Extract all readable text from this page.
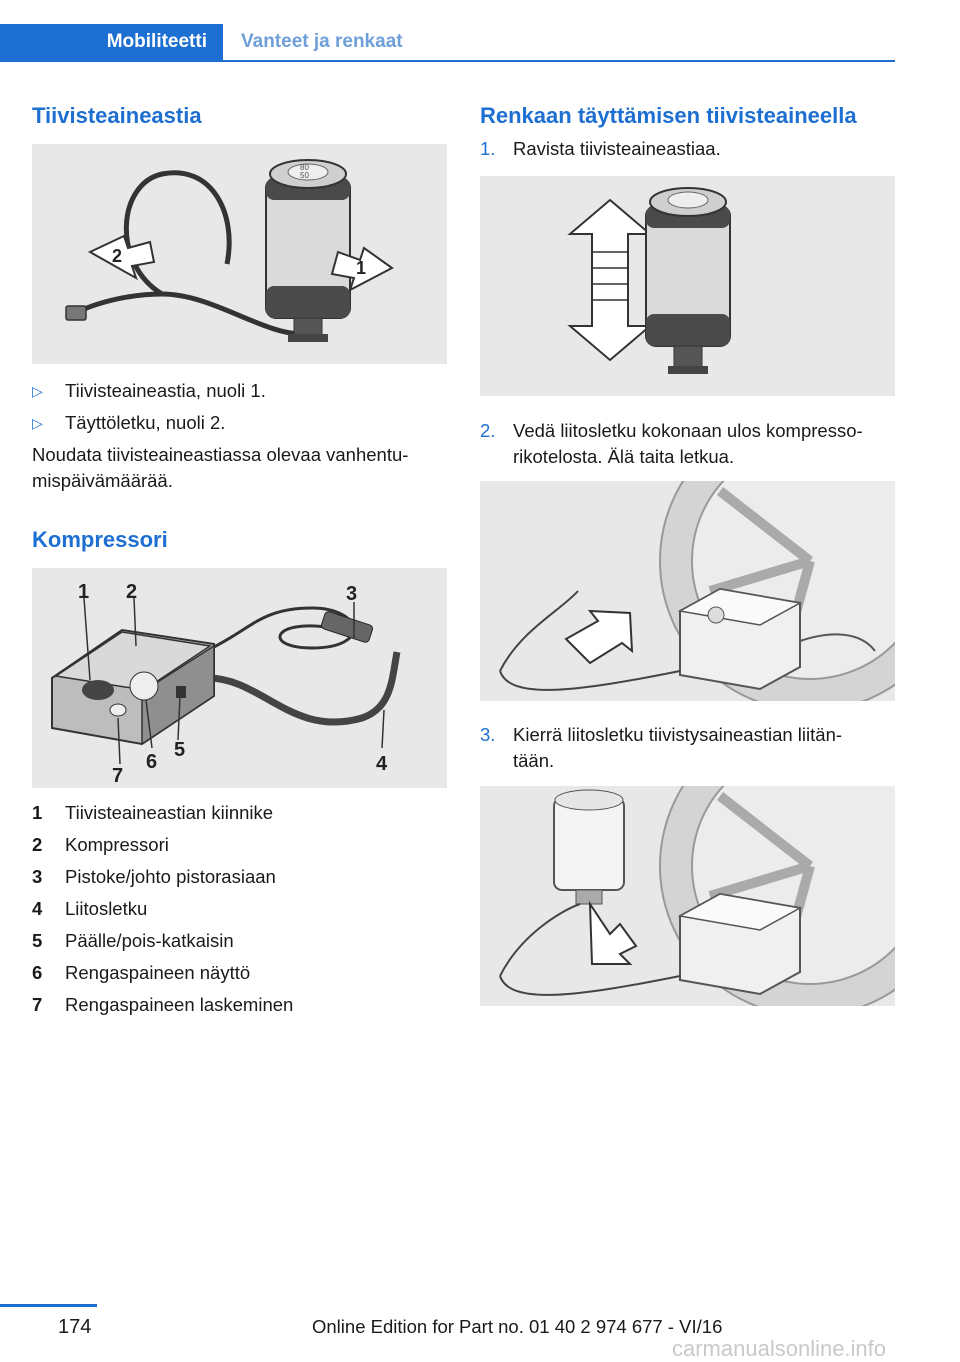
Mobiliteetti Vanteet ja renkaat
Tiivisteaineastia
80
50
2
1
▷ Tiivisteaineastia, nuoli 1.
▷ Täyttöletku, nuoli 2.
Noudata tiivisteaineastiassa olevaa vanhentu-
mispäivämäärää.
Kompressori
1 2	3
4
5
6
7
1 Tiivisteaineastian kiinnike
2 Kompressori
3 Pistoke/johto pistorasiaan
4 Liitosletku
5 Päälle/pois-katkaisin
6 Rengaspaineen näyttö
7 Rengaspaineen laskeminen
Renkaan täyttämisen tiivisteaineella
1. Ravista tiivisteaineastiaa.
2. Vedä liitosletku kokonaan ulos kompresso-
rikotelosta. Älä taita letkua.
3. Kierrä liitosletku tiivistysaineastian liitän-
tään.
174	Online Edition for Part no. 01 40 2 974 677 - VI/16
carmanualsonline.info
